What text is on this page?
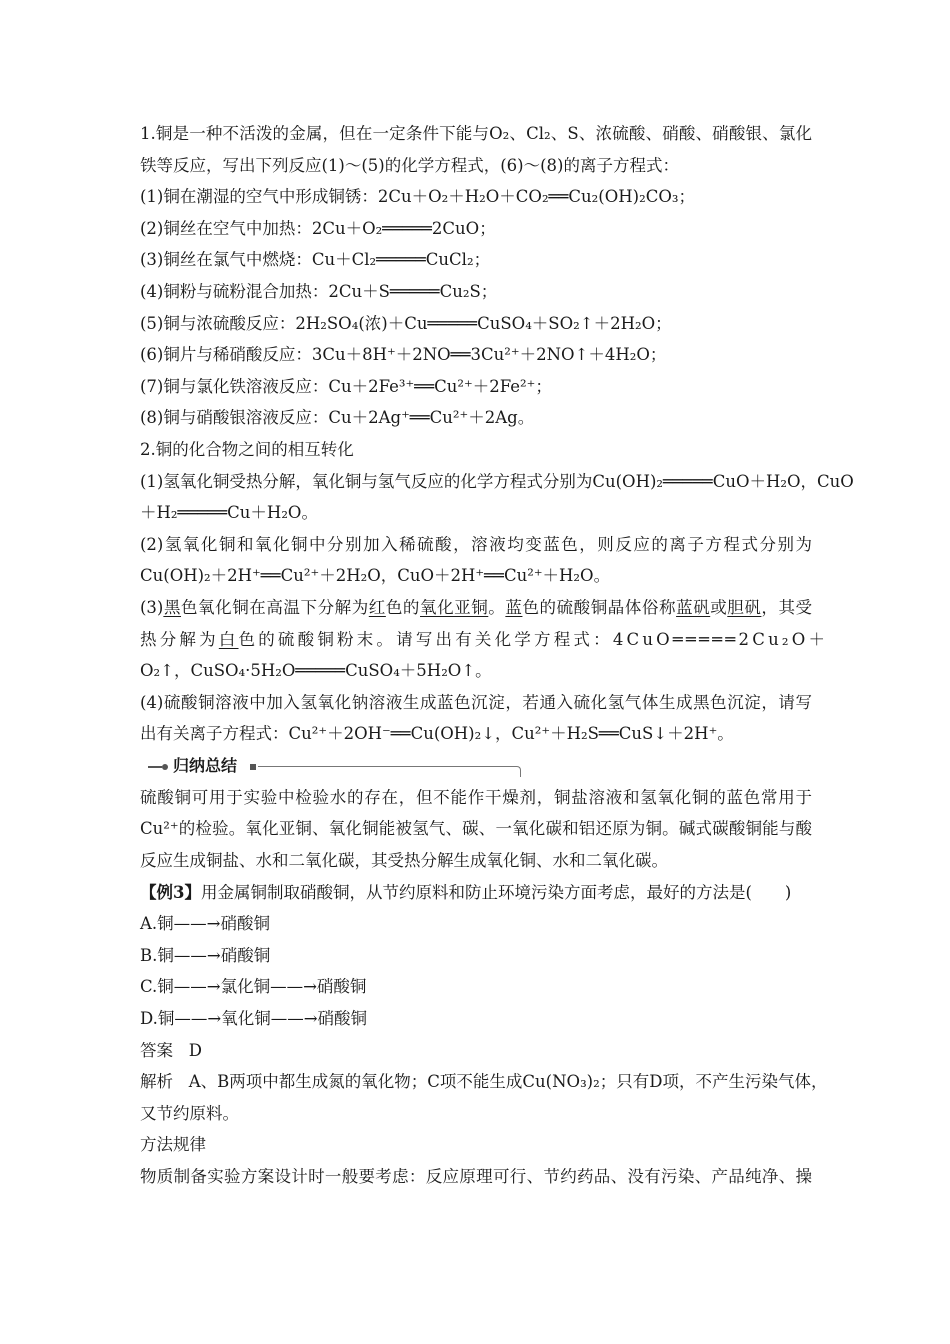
1.铜是一种不活泼的金属，但在一定条件下能与O₂、Cl₂、S、浓硫酸、硝酸、硝酸银、氯化
铁等反应，写出下列反应(1)～(5)的化学方程式，(6)～(8)的离子方程式：
(1)铜在潮湿的空气中形成铜锈：2Cu＋O₂＋H₂O＋CO₂══Cu₂(OH)₂CO₃；
(2)铜丝在空气中加热：2Cu＋O₂═════2CuO；
(3)铜丝在氯气中燃烧：Cu＋Cl₂═════CuCl₂；
(4)铜粉与硫粉混合加热：2Cu＋S═════Cu₂S；
(5)铜与浓硫酸反应：2H₂SO₄(浓)＋Cu═════CuSO₄＋SO₂↑＋2H₂O；
(6)铜片与稀硝酸反应：3Cu＋8H⁺＋2NO══3Cu²⁺＋2NO↑＋4H₂O；
(7)铜与氯化铁溶液反应：Cu＋2Fe³⁺══Cu²⁺＋2Fe²⁺；
(8)铜与硝酸银溶液反应：Cu＋2Ag⁺══Cu²⁺＋2Ag。
2.铜的化合物之间的相互转化
(1)氢氧化铜受热分解，氧化铜与氢气反应的化学方程式分别为Cu(OH)₂═════CuO＋H₂O，CuO
＋H₂═════Cu＋H₂O。
(2)氢氧化铜和氧化铜中分别加入稀硫酸，溶液均变蓝色，则反应的离子方程式分别为
Cu(OH)₂＋2H⁺══Cu²⁺＋2H₂O，CuO＋2H⁺══Cu²⁺＋H₂O。
(3)黑色氧化铜在高温下分解为红色的氧化亚铜。蓝色的硫酸铜晶体俗称蓝矾或胆矾，其受
热分解为白色的硫酸铜粉末。请写出有关化学方程式：4CuO═════2Cu₂O＋
O₂↑，CuSO₄·5H₂O═════CuSO₄＋5H₂O↑。
(4)硫酸铜溶液中加入氢氧化钠溶液生成蓝色沉淀，若通入硫化氢气体生成黑色沉淀，请写
出有关离子方程式：Cu²⁺＋2OH⁻══Cu(OH)₂↓，Cu²⁺＋H₂S══CuS↓＋2H⁺。
归纳总结
硫酸铜可用于实验中检验水的存在，但不能作干燥剂，铜盐溶液和氢氧化铜的蓝色常用于
Cu²⁺的检验。氧化亚铜、氧化铜能被氢气、碳、一氧化碳和铝还原为铜。碱式碳酸铜能与酸
反应生成铜盐、水和二氧化碳，其受热分解生成氧化铜、水和二氧化碳。
【例3】用金属铜制取硝酸铜，从节约原料和防止环境污染方面考虑，最好的方法是(　　)
A.铜——→硝酸铜
B.铜——→硝酸铜
C.铜——→氯化铜——→硝酸铜
D.铜——→氧化铜——→硝酸铜
答案 D
解析 A、B两项中都生成氮的氧化物；C项不能生成Cu(NO₃)₂；只有D项，不产生污染气体，
又节约原料。
方法规律
物质制备实验方案设计时一般要考虑：反应原理可行、节约药品、没有污染、产品纯净、操
